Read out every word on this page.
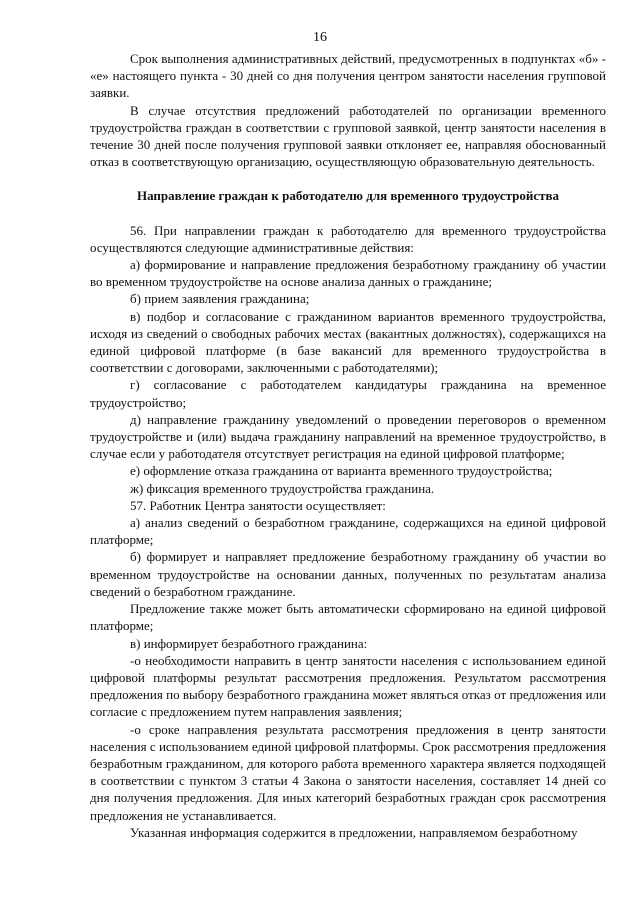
16

Срок выполнения административных действий, предусмотренных в подпунктах «б» - «е» настоящего пункта - 30 дней со дня получения центром занятости населения групповой заявки.

В случае отсутствия предложений работодателей по организации временного трудоустройства граждан в соответствии с групповой заявкой, центр занятости населения в течение 30 дней после получения групповой заявки отклоняет ее, направляя обоснованный отказ в соответствующую организацию, осуществляющую образовательную деятельность.

Направление граждан к работодателю для временного трудоустройства

56. При направлении граждан к работодателю для временного трудоустройства осуществляются следующие административные действия:

а) формирование и направление предложения безработному гражданину об участии во временном трудоустройстве на основе анализа данных о гражданине;

б) прием заявления гражданина;

в) подбор и согласование с гражданином вариантов временного трудоустройства, исходя из сведений о свободных рабочих местах (вакантных должностях), содержащихся на единой цифровой платформе (в базе вакансий для временного трудоустройства в соответствии с договорами, заключенными с работодателями);

г) согласование с работодателем кандидатуры гражданина на временное трудоустройство;

д) направление гражданину уведомлений о проведении переговоров о временном трудоустройстве и (или) выдача гражданину направлений на временное трудоустройство, в случае если у работодателя отсутствует регистрация на единой цифровой платформе;

е) оформление отказа гражданина от варианта временного трудоустройства;

ж) фиксация временного трудоустройства гражданина.

57. Работник Центра занятости осуществляет:

а) анализ сведений о безработном гражданине, содержащихся на единой цифровой платформе;

б) формирует и направляет предложение безработному гражданину об участии во временном трудоустройстве на основании данных, полученных по результатам анализа сведений о безработном гражданине.

Предложение также может быть автоматически сформировано на единой цифровой платформе;

в) информирует безработного гражданина:

-о необходимости направить в центр занятости населения с использованием единой цифровой платформы результат рассмотрения предложения. Результатом рассмотрения предложения по выбору безработного гражданина может являться отказ от предложения или согласие с предложением путем направления заявления;

-о сроке направления результата рассмотрения предложения в центр занятости населения с использованием единой цифровой платформы. Срок рассмотрения предложения безработным гражданином, для которого работа временного характера является подходящей в соответствии с пунктом 3 статьи 4 Закона о занятости населения, составляет 14 дней со дня получения предложения. Для иных категорий безработных граждан срок рассмотрения предложения не устанавливается.

Указанная информация содержится в предложении, направляемом безработному
